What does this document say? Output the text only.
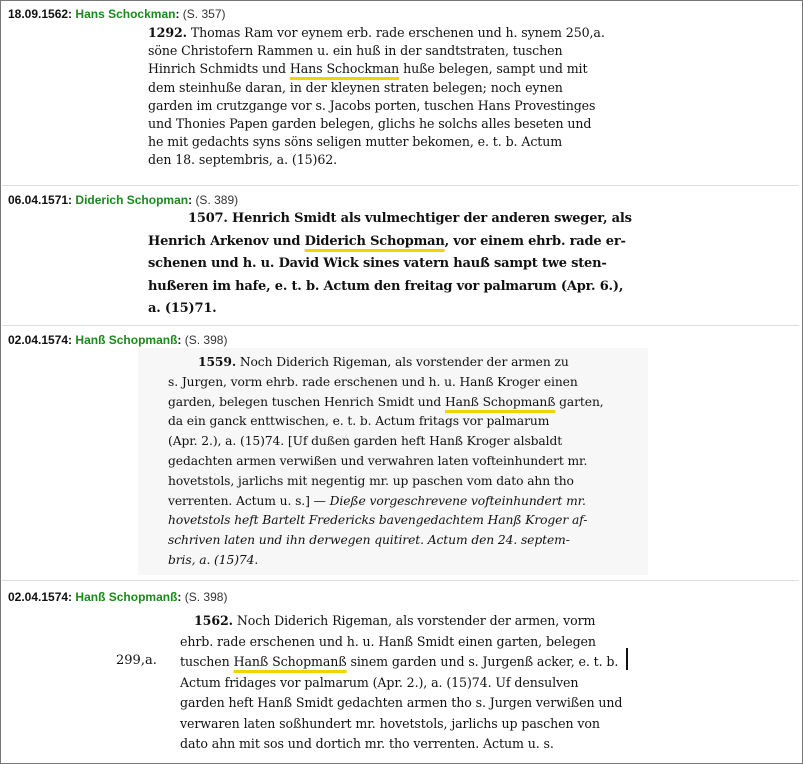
18.09.1562: Hans Schockman: (S. 357)
1292. Thomas Ram vor eynem erb. rade erschenen und h. synem 250,a.
söne Christofern Rammen u. ein huß in der sandtstraten, tuschen
Hinrich Schmidts und Hans Schockman huße belegen, sampt und mit
dem steinhuße daran, in der kleynen straten belegen; noch eynen
garden im crutzgange vor s. Jacobs porten, tuschen Hans Provestinges
und Thonies Papen garden belegen, glichs he solchs alles beseten und
he mit gedachts syns söns seligen mutter bekomen, e. t. b. Actum
den 18. septembris, a. (15)62.
06.04.1571: Diderich Schopman: (S. 389)
1507. Henrich Smidt als vulmechtiger der anderen sweger, als
Henrich Arkenov und Diderich Schopman, vor einem ehrb. rade er-
schenen und h. u. David Wick sines vatern hauß sampt twe sten-
hußeren im hafe, e. t. b. Actum den freitag vor palmarum (Apr. 6.),
a. (15)71.
02.04.1574: Hanß Schopmanß: (S. 398)
1559. Noch Diderich Rigeman, als vorstender der armen zu
s. Jurgen, vorm ehrb. rade erschenen und h. u. Hanß Kroger einen
garden, belegen tuschen Henrich Smidt und Hanß Schopmanß garten,
da ein ganck enttwischen, e. t. b. Actum fritags vor palmarum
(Apr. 2.), a. (15)74. [Uf dußen garden heft Hanß Kroger alsbaldt
gedachten armen verwißen und verwahren laten vofteinhundert mr.
hovetstols, jarlichs mit negentig mr. up paschen vom dato ahn tho
verrenten. Actum u. s.] — Dieße vorgeschrevene vofteinhundert mr.
hovetstols heft Bartelt Fredericks bavengedachtem Hanß Kroger af-
schriven laten und ihn derwegen quitiret. Actum den 24. septem-
bris, a. (15)74.
02.04.1574: Hanß Schopmanß: (S. 398)
299,a.
1562. Noch Diderich Rigeman, als vorstender der armen, vorm
ehrb. rade erschenen und h. u. Hanß Smidt einen garten, belegen
tuschen Hanß Schopmanß sinem garden und s. Jurgenß acker, e. t. b.
Actum fridages vor palmarum (Apr. 2.), a. (15)74. Uf densulven
garden heft Hanß Smidt gedachten armen tho s. Jurgen verwißen und
verwaren laten soßhundert mr. hovetstols, jarlichs up paschen von
dato ahn mit sos und dortich mr. tho verrenten. Actum u. s.
